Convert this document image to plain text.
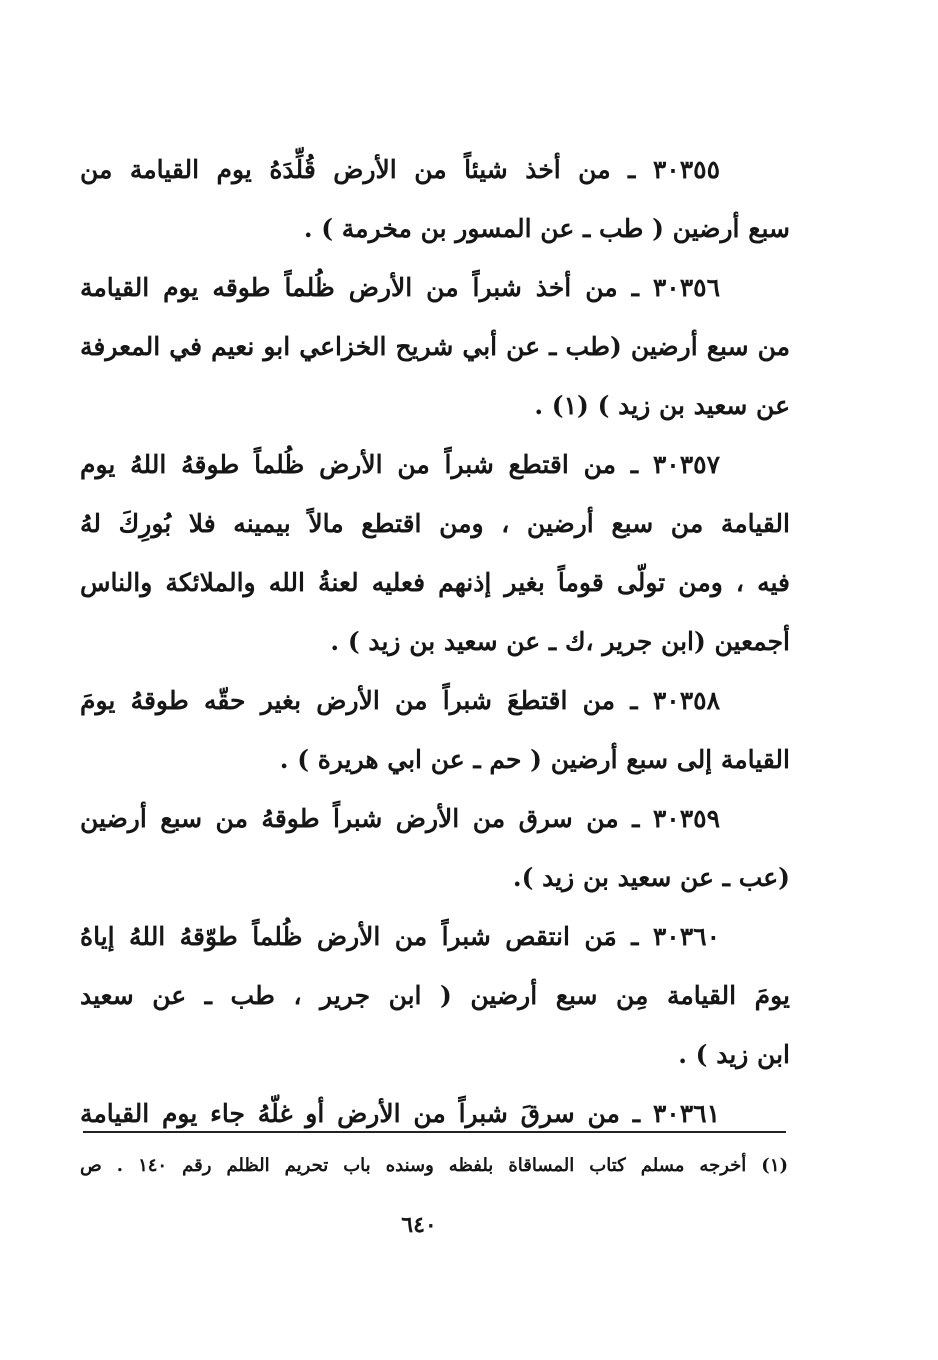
٣٠٣٥٥ ـ من أخذ شيئاً من الأرض قُلِّدَهُ يوم القيامة من
سبع أرضين ( طب ـ عن المسور بن مخرمة ) .
٣٠٣٥٦ ـ من أخذ شبراً من الأرض ظُلماً طوقه يوم القيامة
من سبع أرضين (طب ـ عن أبي شريح الخزاعي ابو نعيم في المعرفة
عن سعيد بن زيد ) (١) .
٣٠٣٥٧ ـ من اقتطع شبراً من الأرض ظُلماً طوقهُ اللهُ يوم
القيامة من سبع أرضين ، ومن اقتطع مالاً بيمينه فلا بُورِكَ لهُ
فيه ، ومن تولّى قوماً بغير إذنهم فعليه لعنةُ الله والملائكة والناس
أجمعين (ابن جرير ،ك ـ عن سعيد بن زيد ) .
٣٠٣٥٨ ـ من اقتطعَ شبراً من الأرض بغير حقّه طوقهُ يومَ
القيامة إلى سبع أرضين ( حم ـ عن ابي هريرة ) .
٣٠٣٥٩ ـ من سرق من الأرض شبراً طوقهُ من سبع أرضين
(عب ـ عن سعيد بن زيد ).
٣٠٣٦٠ ـ مَن انتقص شبراً من الأرض ظُلماً طوّقهُ اللهُ إياهُ
يومَ القيامة مِن سبع أرضين ( ابن جرير ، طب ـ عن سعيد
ابن زيد ) .
٣٠٣٦١ ـ من سرقَ شبراً من الأرض أو غلّهُ جاء يوم القيامة
(١) أخرجه مسلم كتاب المساقاة بلفظه وسنده باب تحريم الظلم رقم ١٤٠ . ص
٦٤٠
